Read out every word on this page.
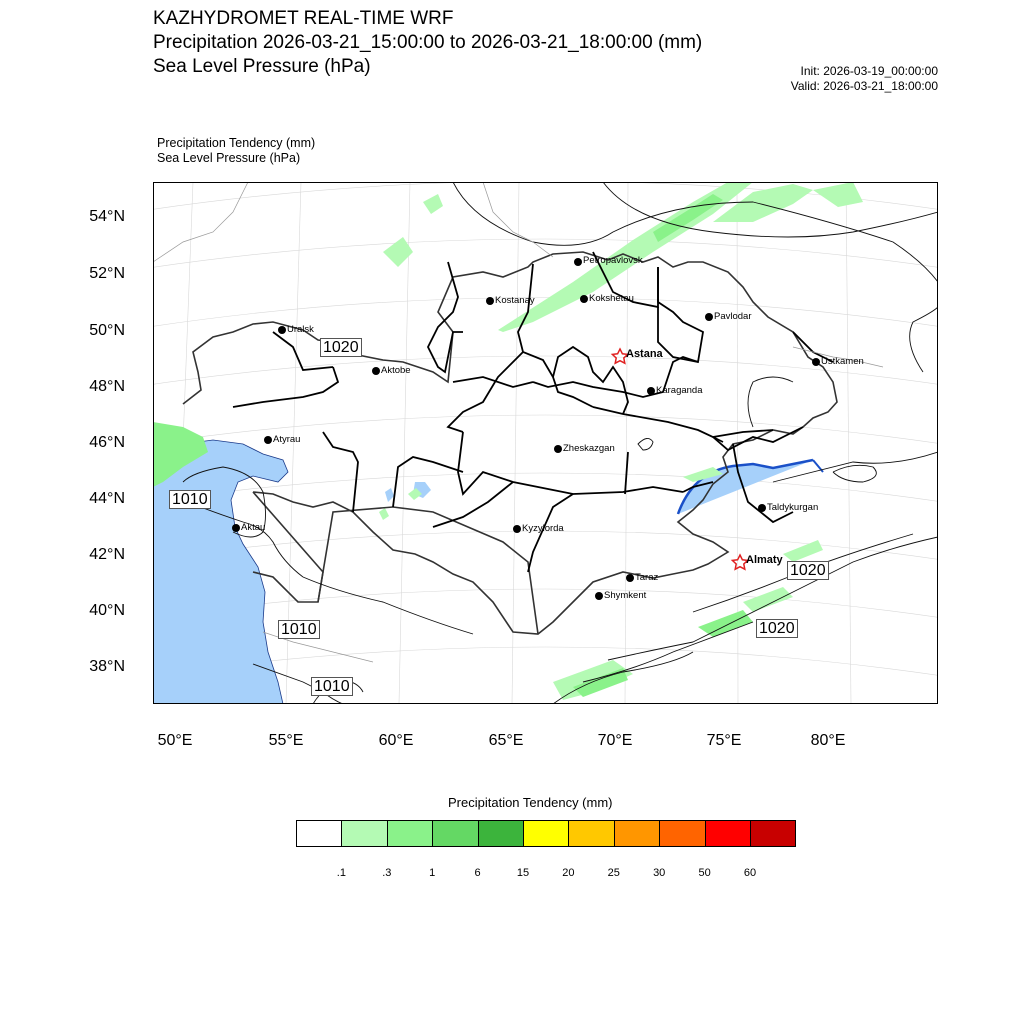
KAZHYDROMET REAL-TIME WRF
Precipitation 2026-03-21_15:00:00 to 2026-03-21_18:00:00 (mm)
Sea Level Pressure (hPa)	Init: 2026-03-19_00:00:00
Valid: 2026-03-21_18:00:00
Precipitation Tendency (mm)
Sea Level Pressure (hPa)
54°N
52°N
50°N
48°N
46°N
44°N
42°N
40°N
38°N
50°E	55°E	60°E	65°E	70°E	75°E	80°E
Petropavlovsk
Kostanay	Kokshetau
Pavlodar
Uralsk
Aktobe
Astana
Ustkamen
Karaganda
Atyrau
Zheskazgan
Aktau	Kyzylorda
Taldykurgan
Almaty
Taraz
Shymkent
1020
1010
1010
1010
1020
1020
Precipitation Tendency (mm)
.1	.3	1	6	15	20	25	30	50	60
